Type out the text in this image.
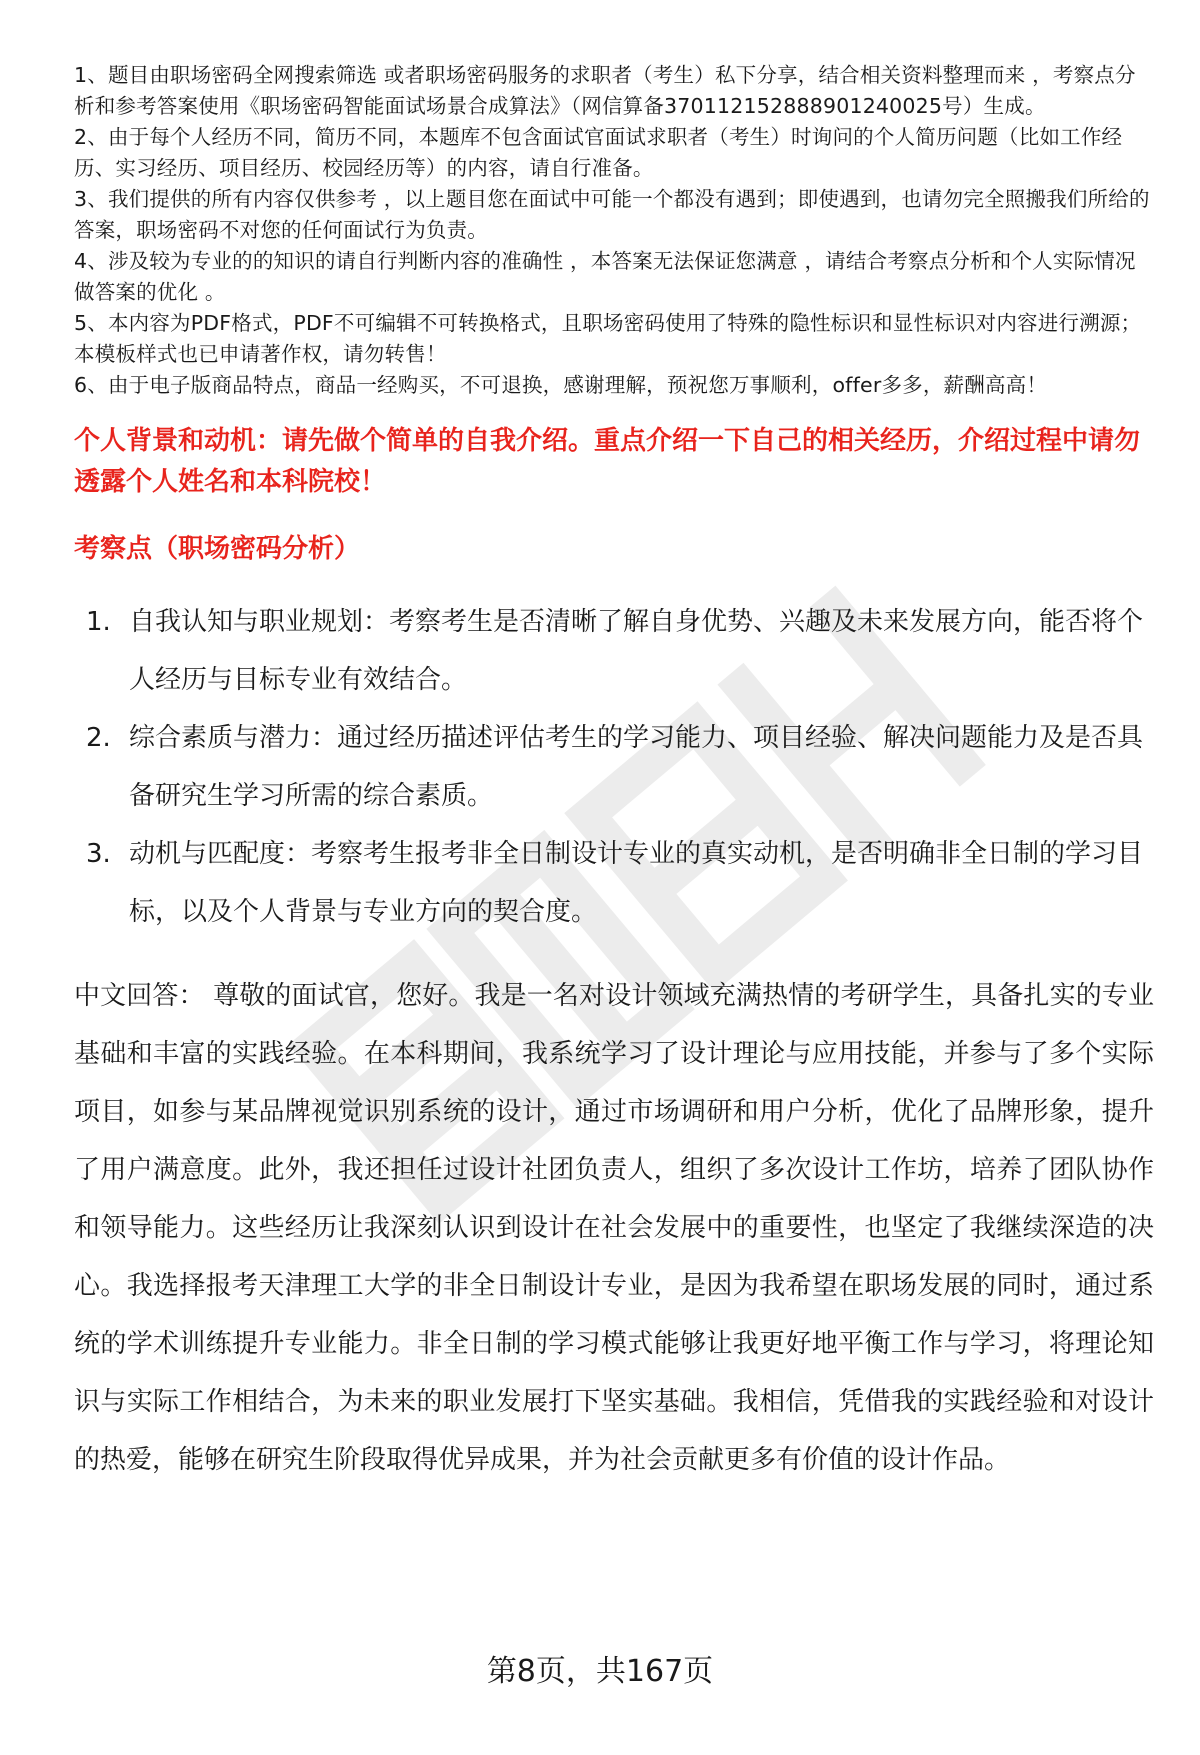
1、题目由职场密码全网搜索筛选 或者职场密码服务的求职者（考生）私下分享，结合相关资料整理而来 ，考察点分析和参考答案使用《职场密码智能面试场景合成算法》（网信算备370112152888901240025号）生成。

2、由于每个人经历不同，简历不同，本题库不包含面试官面试求职者（考生）时询问的个人简历问题（比如工作经历、实习经历、项目经历、校园经历等）的内容，请自行准备。

3、我们提供的所有内容仅供参考 ，以上题目您在面试中可能一个都没有遇到；即使遇到，也请勿完全照搬我们所给的答案，职场密码不对您的任何面试行为负责。

4、涉及较为专业的的知识的请自行判断内容的准确性 ，本答案无法保证您满意 ，请结合考察点分析和个人实际情况做答案的优化 。

5、本内容为PDF格式，PDF不可编辑不可转换格式，且职场密码使用了特殊的隐性标识和显性标识对内容进行溯源；本模板样式也已申请著作权，请勿转售！

6、由于电子版商品特点，商品一经购买，不可退换，感谢理解，预祝您万事顺利，offer多多，薪酬高高！

个人背景和动机：请先做个简单的自我介绍。重点介绍一下自己的相关经历，介绍过程中请勿透露个人姓名和本科院校！
考察点（职场密码分析）
1. 自我认知与职业规划：考察考生是否清晰了解自身优势、兴趣及未来发展方向，能否将个人经历与目标专业有效结合。
2. 综合素质与潜力：通过经历描述评估考生的学习能力、项目经验、解决问题能力及是否具备研究生学习所需的综合素质。
3. 动机与匹配度：考察考生报考非全日制设计专业的真实动机，是否明确非全日制的学习目标，以及个人背景与专业方向的契合度。
中文回答： 尊敬的面试官，您好。我是一名对设计领域充满热情的考研学生，具备扎实的专业基础和丰富的实践经验。在本科期间，我系统学习了设计理论与应用技能，并参与了多个实际项目，如参与某品牌视觉识别系统的设计，通过市场调研和用户分析，优化了品牌形象，提升了用户满意度。此外，我还担任过设计社团负责人，组织了多次设计工作坊，培养了团队协作和领导能力。这些经历让我深刻认识到设计在社会发展中的重要性，也坚定了我继续深造的决心。我选择报考天津理工大学的非全日制设计专业，是因为我希望在职场发展的同时，通过系统的学术训练提升专业能力。非全日制的学习模式能够让我更好地平衡工作与学习，将理论知识与实际工作相结合，为未来的职业发展打下坚实基础。我相信，凭借我的实践经验和对设计的热爱，能够在研究生阶段取得优异成果，并为社会贡献更多有价值的设计作品。
第8页，共167页
